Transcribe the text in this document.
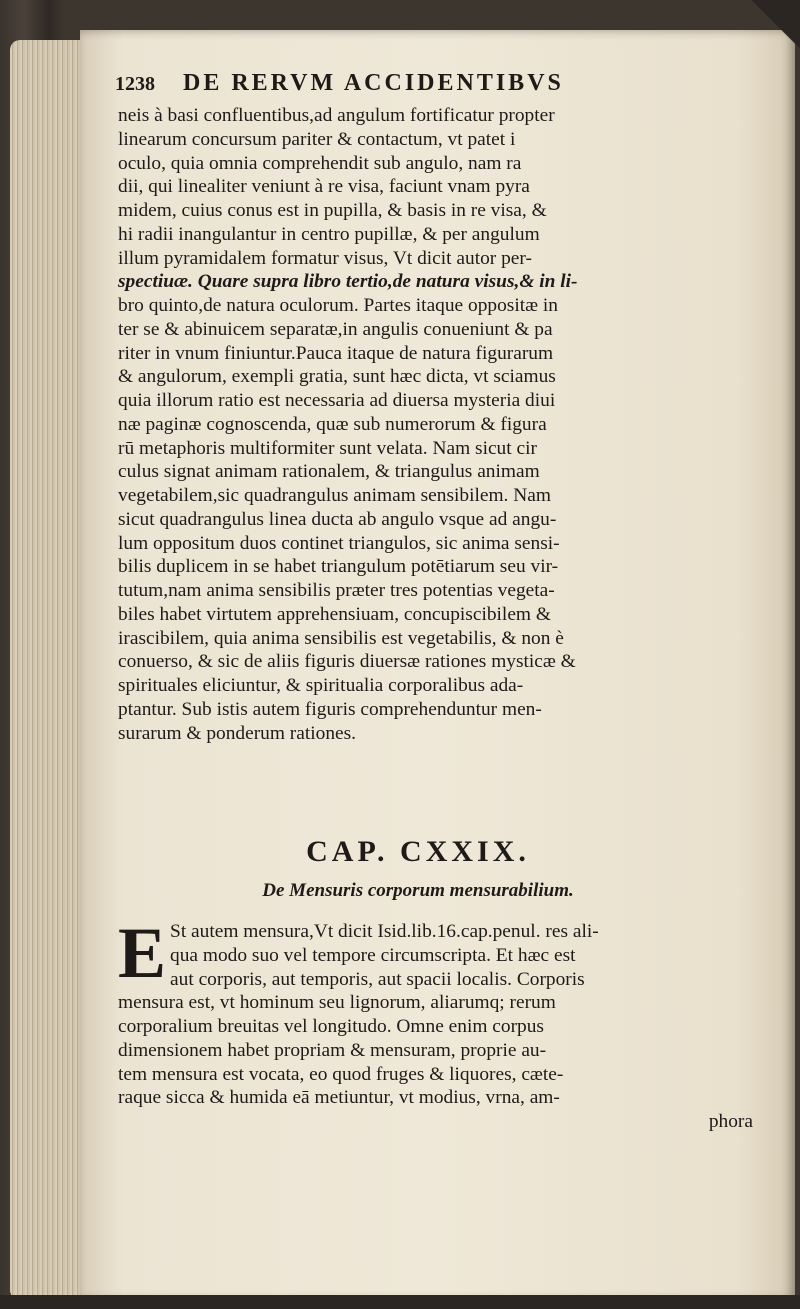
1238	DE RERVM ACCIDENTIBVS
neis à basi confluentibus,ad angulum fortificatur propter
linearum concursum pariter & contactum, vt patet i
oculo, quia omnia comprehendit sub angulo, nam ra
dii, qui linealiter veniunt à re visa, faciunt vnam pyra
midem, cuius conus est in pupilla, & basis in re visa, &
hi radii inangulantur in centro pupillæ, & per angulum
illum pyramidalem formatur visus, Vt dicit autor per-
spectiuæ. Quare supra libro tertio,de natura visus,& in li-
bro quinto,de natura oculorum. Partes itaque oppositæ in
ter se & abinuicem separatæ,in angulis conueniunt & pa
riter in vnum finiuntur.Pauca itaque de natura figurarum
& angulorum, exempli gratia, sunt hæc dicta, vt sciamus
quia illorum ratio est necessaria ad diuersa mysteria diui
næ paginæ cognoscenda, quæ sub numerorum & figura
rū metaphoris multiformiter sunt velata. Nam sicut cir
culus signat animam rationalem, & triangulus animam
vegetabilem,sic quadrangulus animam sensibilem. Nam
sicut quadrangulus linea ducta ab angulo vsque ad angu-
lum oppositum duos continet triangulos, sic anima sensi-
bilis duplicem in se habet triangulum potētiarum seu vir-
tutum,nam anima sensibilis præter tres potentias vegeta-
biles habet virtutem apprehensiuam, concupiscibilem &
irascibilem, quia anima sensibilis est vegetabilis, & non è
conuerso, & sic de aliis figuris diuersæ rationes mysticæ &
spirituales eliciuntur, & spiritualia corporalibus ada-
ptantur. Sub istis autem figuris comprehenduntur men-
surarum & ponderum rationes.
CAP. CXXIX.
De Mensuris corporum mensurabilium.
E St autem mensura,Vt dicit Isid.lib.16.cap.penul. res ali-
qua modo suo vel tempore circumscripta. Et hæc est
aut corporis, aut temporis, aut spacii localis. Corporis
mensura est, vt hominum seu lignorum, aliarumq; rerum
corporalium breuitas vel longitudo. Omne enim corpus
dimensionem habet propriam & mensuram, proprie au-
tem mensura est vocata, eo quod fruges & liquores, cæte-
raque sicca & humida eā metiuntur, vt modius, vrna, am-
phora
